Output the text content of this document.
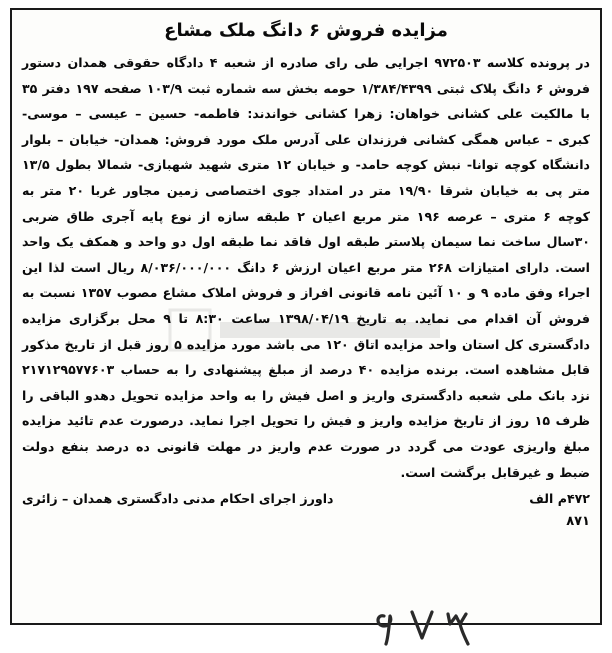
مزایده فروش ۶ دانگ ملک مشاع

در پرونده کلاسه ۹۷۲۵۰۳ اجرایی طی رای صادره از شعبه ۴ دادگاه حقوقی همدان دستور فروش ۶ دانگ پلاک ثبتی ۱/۳۸۴/۴۳۹۹ حومه بخش سه شماره ثبت ۱۰۳/۹ صفحه ۱۹۷ دفتر ۳۵ با مالکیت علی کشانی خواهان: زهرا کشانی خواندند: فاطمه- حسین – عیسی – موسی- کبری – عباس همگی کشانی فرزندان علی آدرس ملک مورد فروش: همدان- خیابان – بلوار دانشگاه کوچه توانا- نبش کوچه حامد- و خیابان ۱۲ متری شهید شهبازی- شمالا بطول ۱۳/۵ متر پی به خیابان شرقا ۱۹/۹۰ متر در امتداد جوی اختصاصی زمین مجاور غربا ۲۰ متر به کوچه ۶ متری – عرصه ۱۹۶ متر مربع اعیان ۲ طبقه سازه از نوع پایه آجری طاق ضربی ۳۰سال ساخت نما سیمان پلاستر طبقه اول فاقد نما طبقه اول دو واحد و همکف یک واحد است. دارای امتیازات ۲۶۸ متر مربع اعیان ارزش ۶ دانگ ۸/۰۳۶/۰۰۰/۰۰۰ ریال است لذا این اجراء وفق ماده ۹ و ۱۰ آئین نامه قانونی افراز و فروش املاک مشاع مصوب ۱۳۵۷ نسبت به فروش آن اقدام می نماید. به تاریخ ۱۳۹۸/۰۴/۱۹ ساعت ۸:۳۰ تا ۹ محل برگزاری مزایده دادگستری کل استان واحد مزایده اتاق ۱۲۰ می باشد مورد مزایده ۵ روز قبل از تاریخ مذکور قابل مشاهده است. برنده مزایده ۴۰ درصد از مبلغ پیشنهادی را به حساب ۲۱۷۱۲۹۵۷۷۶۰۳ نزد بانک ملی شعبه دادگستری واریز و اصل فیش را به واحد مزایده تحویل دهدو الباقی را ظرف ۱۵ روز از تاریخ مزایده واریز و فیش را تحویل اجرا نماید. درصورت عدم تائید مزایده مبلغ واریزی عودت می گردد در صورت عدم واریز در مهلت قانونی ده درصد بنفع دولت ضبط و غیرقابل برگشت است.

۴۷۲م الف
داورز اجرای احکام مدنی دادگستری همدان – زائری
۸۷۱
